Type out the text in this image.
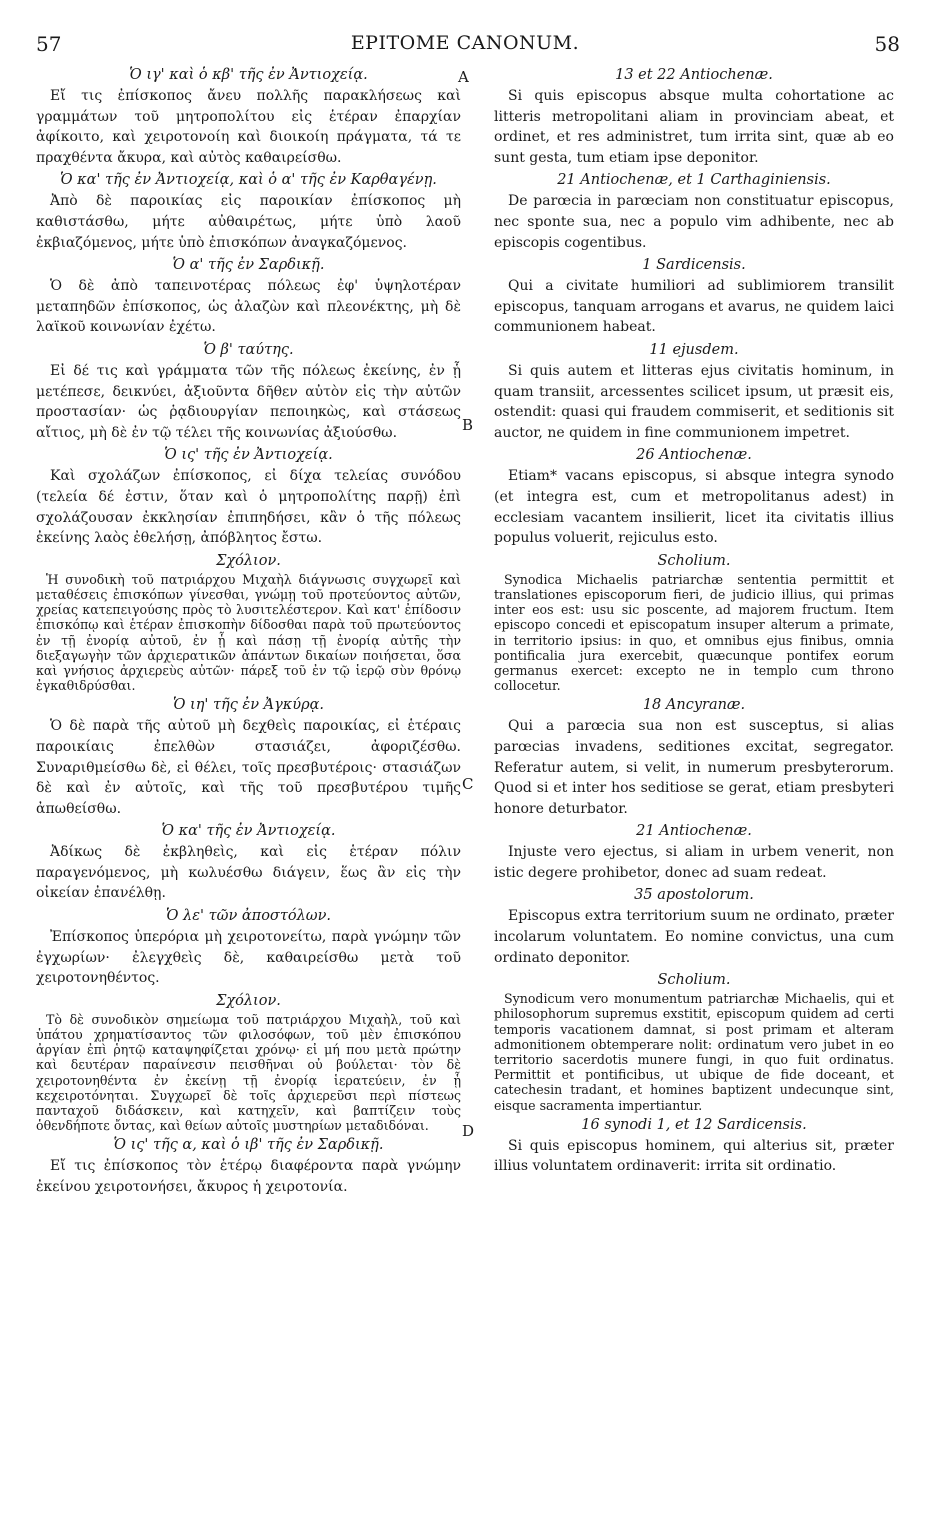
57	EPITOME CANONUM.	58
A
B
C
D
Ὁ ιγ' καὶ ὁ κβ' τῆς ἐν Ἀντιοχείᾳ.

Εἴ τις ἐπίσκοπος ἄνευ πολλῆς παρακλήσεως καὶ γραμμάτων τοῦ μητροπολίτου εἰς ἑτέραν ἐπαρχίαν ἀφίκοιτο, καὶ χειροτονοίη καὶ διοικοίη πράγματα, τά τε πραχθέντα ἄκυρα, καὶ αὐτὸς καθαιρείσθω.

Ὁ κα' τῆς ἐν Ἀντιοχείᾳ, καὶ ὁ α' τῆς ἐν Καρθαγένῃ.

Ἀπὸ δὲ παροικίας εἰς παροικίαν ἐπίσκοπος μὴ καθιστάσθω, μήτε αὐθαιρέτως, μήτε ὑπὸ λαοῦ ἐκβιαζόμενος, μήτε ὑπὸ ἐπισκόπων ἀναγκαζόμενος.

Ὁ α' τῆς ἐν Σαρδικῇ.

Ὁ δὲ ἀπὸ ταπεινοτέρας πόλεως ἐφ' ὑψηλοτέραν μεταπηδῶν ἐπίσκοπος, ὡς ἀλαζὼν καὶ πλεονέκτης, μὴ δὲ λαϊκοῦ κοινωνίαν ἐχέτω.

Ὁ β' ταύτης.

Εἰ δέ τις καὶ γράμματα τῶν τῆς πόλεως ἐκείνης, ἐν ᾗ μετέπεσε, δεικνύει, ἀξιοῦντα δῆθεν αὐτὸν εἰς τὴν αὐτῶν προστασίαν· ὡς ῥᾳδιουργίαν πεποιηκὼς, καὶ στάσεως αἴτιος, μὴ δὲ ἐν τῷ τέλει τῆς κοινωνίας ἀξιούσθω.

Ὁ ις' τῆς ἐν Ἀντιοχείᾳ.

Καὶ σχολάζων ἐπίσκοπος, εἰ δίχα τελείας συνόδου (τελεία δέ ἐστιν, ὅταν καὶ ὁ μητροπολίτης παρῇ) ἐπὶ σχολάζουσαν ἐκκλησίαν ἐπιπηδήσει, κἂν ὁ τῆς πόλεως ἐκείνης λαὸς ἐθελήσῃ, ἀπόβλητος ἔστω.

Σχόλιον.

Ἡ συνοδικὴ τοῦ πατριάρχου Μιχαὴλ διάγνωσις συγχωρεῖ καὶ μεταθέσεις ἐπισκόπων γίνεσθαι, γνώμῃ τοῦ προτεύοντος αὐτῶν, χρείας κατεπειγούσης πρὸς τὸ λυσιτελέστερον. Καὶ κατ' ἐπίδοσιν ἐπισκόπῳ καὶ ἑτέραν ἐπισκοπὴν δίδοσθαι παρὰ τοῦ πρωτεύοντος ἐν τῇ ἐνορίᾳ αὐτοῦ, ἐν ᾗ καὶ πάσῃ τῇ ἐνορίᾳ αὐτῆς τὴν διεξαγωγὴν τῶν ἀρχιερατικῶν ἁπάντων δικαίων ποιήσεται, ὅσα καὶ γνήσιος ἀρχιερεὺς αὐτῶν· πάρεξ τοῦ ἐν τῷ ἱερῷ σὺν θρόνῳ ἐγκαθιδρύσθαι.

Ὁ ιη' τῆς ἐν Ἀγκύρᾳ.

Ὁ δὲ παρὰ τῆς αὐτοῦ μὴ δεχθεὶς παροικίας, εἰ ἑτέραις παροικίαις ἐπελθὼν στασιάζει, ἀφοριζέσθω. Συναριθμείσθω δὲ, εἰ θέλει, τοῖς πρεσβυτέροις· στασιάζων δὲ καὶ ἐν αὐτοῖς, καὶ τῆς τοῦ πρεσβυτέρου τιμῆς ἀπωθείσθω.

Ὁ κα' τῆς ἐν Ἀντιοχείᾳ.

Ἀδίκως δὲ ἐκβληθεὶς, καὶ εἰς ἑτέραν πόλιν παραγενόμενος, μὴ κωλυέσθω διάγειν, ἕως ἂν εἰς τὴν οἰκείαν ἐπανέλθῃ.

Ὁ λε' τῶν ἀποστόλων.

Ἐπίσκοπος ὑπερόρια μὴ χειροτονείτω, παρὰ γνώμην τῶν ἐγχωρίων· ἐλεγχθεὶς δὲ, καθαιρείσθω μετὰ τοῦ χειροτονηθέντος.

Σχόλιον.

Τὸ δὲ συνοδικὸν σημείωμα τοῦ πατριάρχου Μιχαὴλ, τοῦ καὶ ὑπάτου χρηματίσαντος τῶν φιλοσόφων, τοῦ μὲν ἐπισκόπου ἀργίαν ἐπὶ ῥητῷ καταψηφίζεται χρόνῳ· εἰ μή που μετὰ πρώτην καὶ δευτέραν παραίνεσιν πεισθῆναι οὐ βούλεται· τὸν δὲ χειροτονηθέντα ἐν ἐκείνῃ τῇ ἐνορίᾳ ἱερατεύειν, ἐν ᾗ κεχειροτόνηται. Συγχωρεῖ δὲ τοῖς ἀρχιερεῦσι περὶ πίστεως πανταχοῦ διδάσκειν, καὶ κατηχεῖν, καὶ βαπτίζειν τοὺς ὁθενδήποτε ὄντας, καὶ θείων αὐτοῖς μυστηρίων μεταδιδόναι.

Ὁ ις' τῆς α, καὶ ὁ ιβ' τῆς ἐν Σαρδικῇ.

Εἴ τις ἐπίσκοπος τὸν ἑτέρῳ διαφέροντα παρὰ γνώμην ἐκείνου χειροτονήσει, ἄκυρος ἡ χειροτονία.

13 et 22 Antiochenæ.

Si quis episcopus absque multa cohortatione ac litteris metropolitani aliam in provinciam abeat, et ordinet, et res administret, tum irrita sint, quæ ab eo sunt gesta, tum etiam ipse deponitor.

21 Antiochenæ, et 1 Carthaginiensis.

De parœcia in parœciam non constituatur episcopus, nec sponte sua, nec a populo vim adhibente, nec ab episcopis cogentibus.

1 Sardicensis.

Qui a civitate humiliori ad sublimiorem transilit episcopus, tanquam arrogans et avarus, ne quidem laici communionem habeat.

11 ejusdem.

Si quis autem et litteras ejus civitatis hominum, in quam transiit, arcessentes scilicet ipsum, ut præsit eis, ostendit: quasi qui fraudem commiserit, et seditionis sit auctor, ne quidem in fine communionem impetret.

26 Antiochenæ.

Etiam* vacans episcopus, si absque integra synodo (et integra est, cum et metropolitanus adest) in ecclesiam vacantem insilierit, licet ita civitatis illius populus voluerit, rejiculus esto.

Scholium.

Synodica Michaelis patriarchæ sententia permittit et translationes episcoporum fieri, de judicio illius, qui primas inter eos est: usu sic poscente, ad majorem fructum. Item episcopo concedi et episcopatum insuper alterum a primate, in territorio ipsius: in quo, et omnibus ejus finibus, omnia pontificalia jura exercebit, quæcunque pontifex eorum germanus exercet: excepto ne in templo cum throno collocetur.

18 Ancyranæ.

Qui a parœcia sua non est susceptus, si alias parœcias invadens, seditiones excitat, segregator. Referatur autem, si velit, in numerum presbyterorum. Quod si et inter hos seditiose se gerat, etiam presbyteri honore deturbator.

21 Antiochenæ.

Injuste vero ejectus, si aliam in urbem venerit, non istic degere prohibetor, donec ad suam redeat.

35 apostolorum.

Episcopus extra territorium suum ne ordinato, præter incolarum voluntatem. Eo nomine convictus, una cum ordinato deponitor.

Scholium.

Synodicum vero monumentum patriarchæ Michaelis, qui et philosophorum supremus exstitit, episcopum quidem ad certi temporis vacationem damnat, si post primam et alteram admonitionem obtemperare nolit: ordinatum vero jubet in eo territorio sacerdotis munere fungi, in quo fuit ordinatus. Permittit et pontificibus, ut ubique de fide doceant, et catechesin tradant, et homines baptizent undecunque sint, eisque sacramenta impertiantur.

16 synodi 1, et 12 Sardicensis.

Si quis episcopus hominem, qui alterius sit, præter illius voluntatem ordinaverit: irrita sit ordinatio.
